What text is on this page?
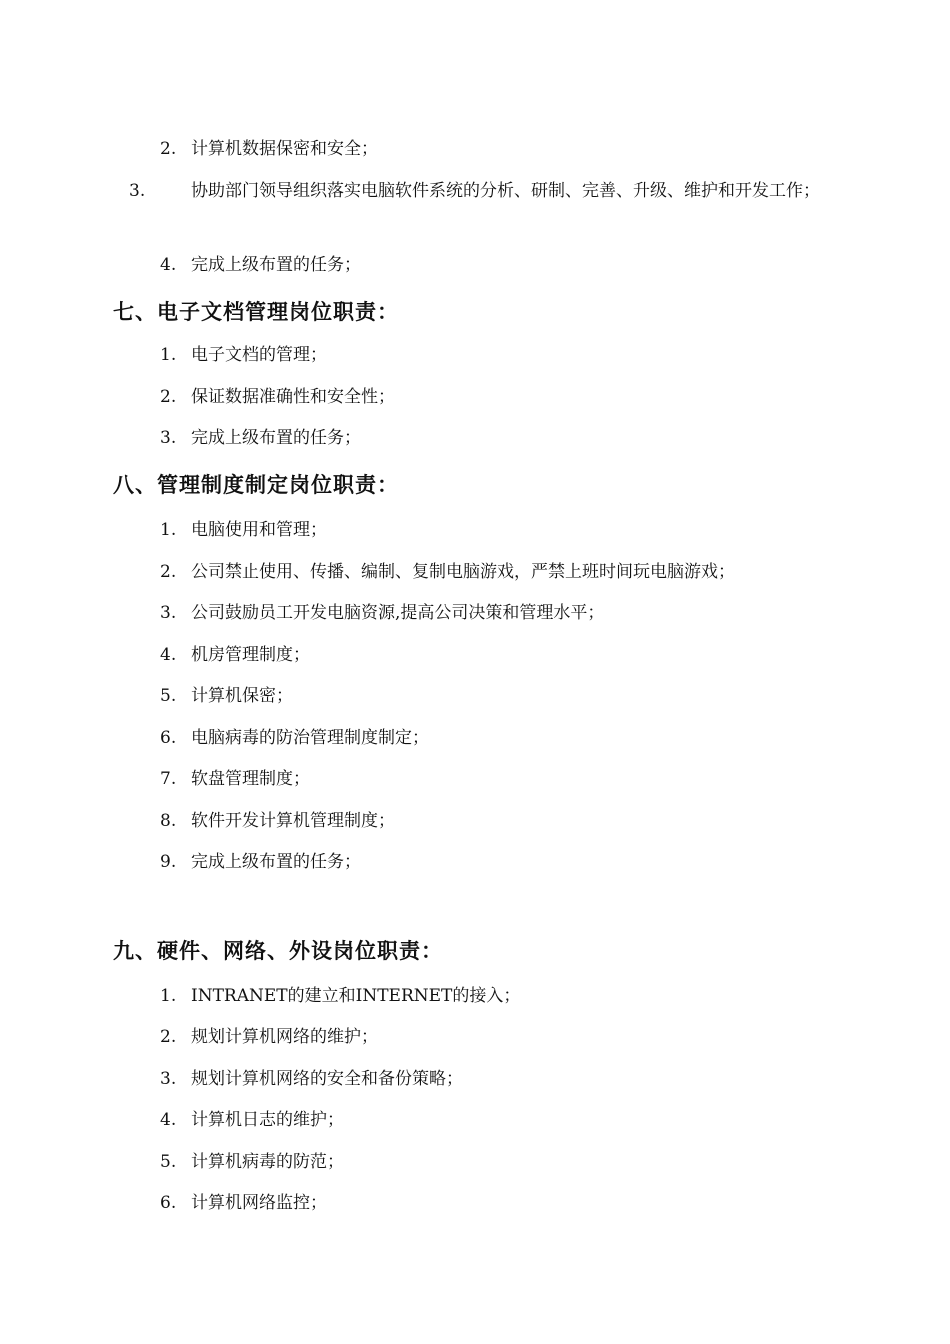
2. 计算机数据保密和安全；
3.	协助部门领导组织落实电脑软件系统的分析、研制、完善、升级、维护和开发工作；
4. 完成上级布置的任务；
七、电子文档管理岗位职责：
1. 电子文档的管理；
2. 保证数据准确性和安全性；
3. 完成上级布置的任务；
八、管理制度制定岗位职责：
1. 电脑使用和管理；
2. 公司禁止使用、传播、编制、复制电脑游戏，严禁上班时间玩电脑游戏；
3. 公司鼓励员工开发电脑资源,提高公司决策和管理水平；
4. 机房管理制度；
5. 计算机保密；
6. 电脑病毒的防治管理制度制定；
7. 软盘管理制度；
8. 软件开发计算机管理制度；
9. 完成上级布置的任务；
九、硬件、网络、外设岗位职责：
1. INTRANET的建立和INTERNET的接入；
2. 规划计算机网络的维护；
3. 规划计算机网络的安全和备份策略；
4. 计算机日志的维护；
5. 计算机病毒的防范；
6. 计算机网络监控；
